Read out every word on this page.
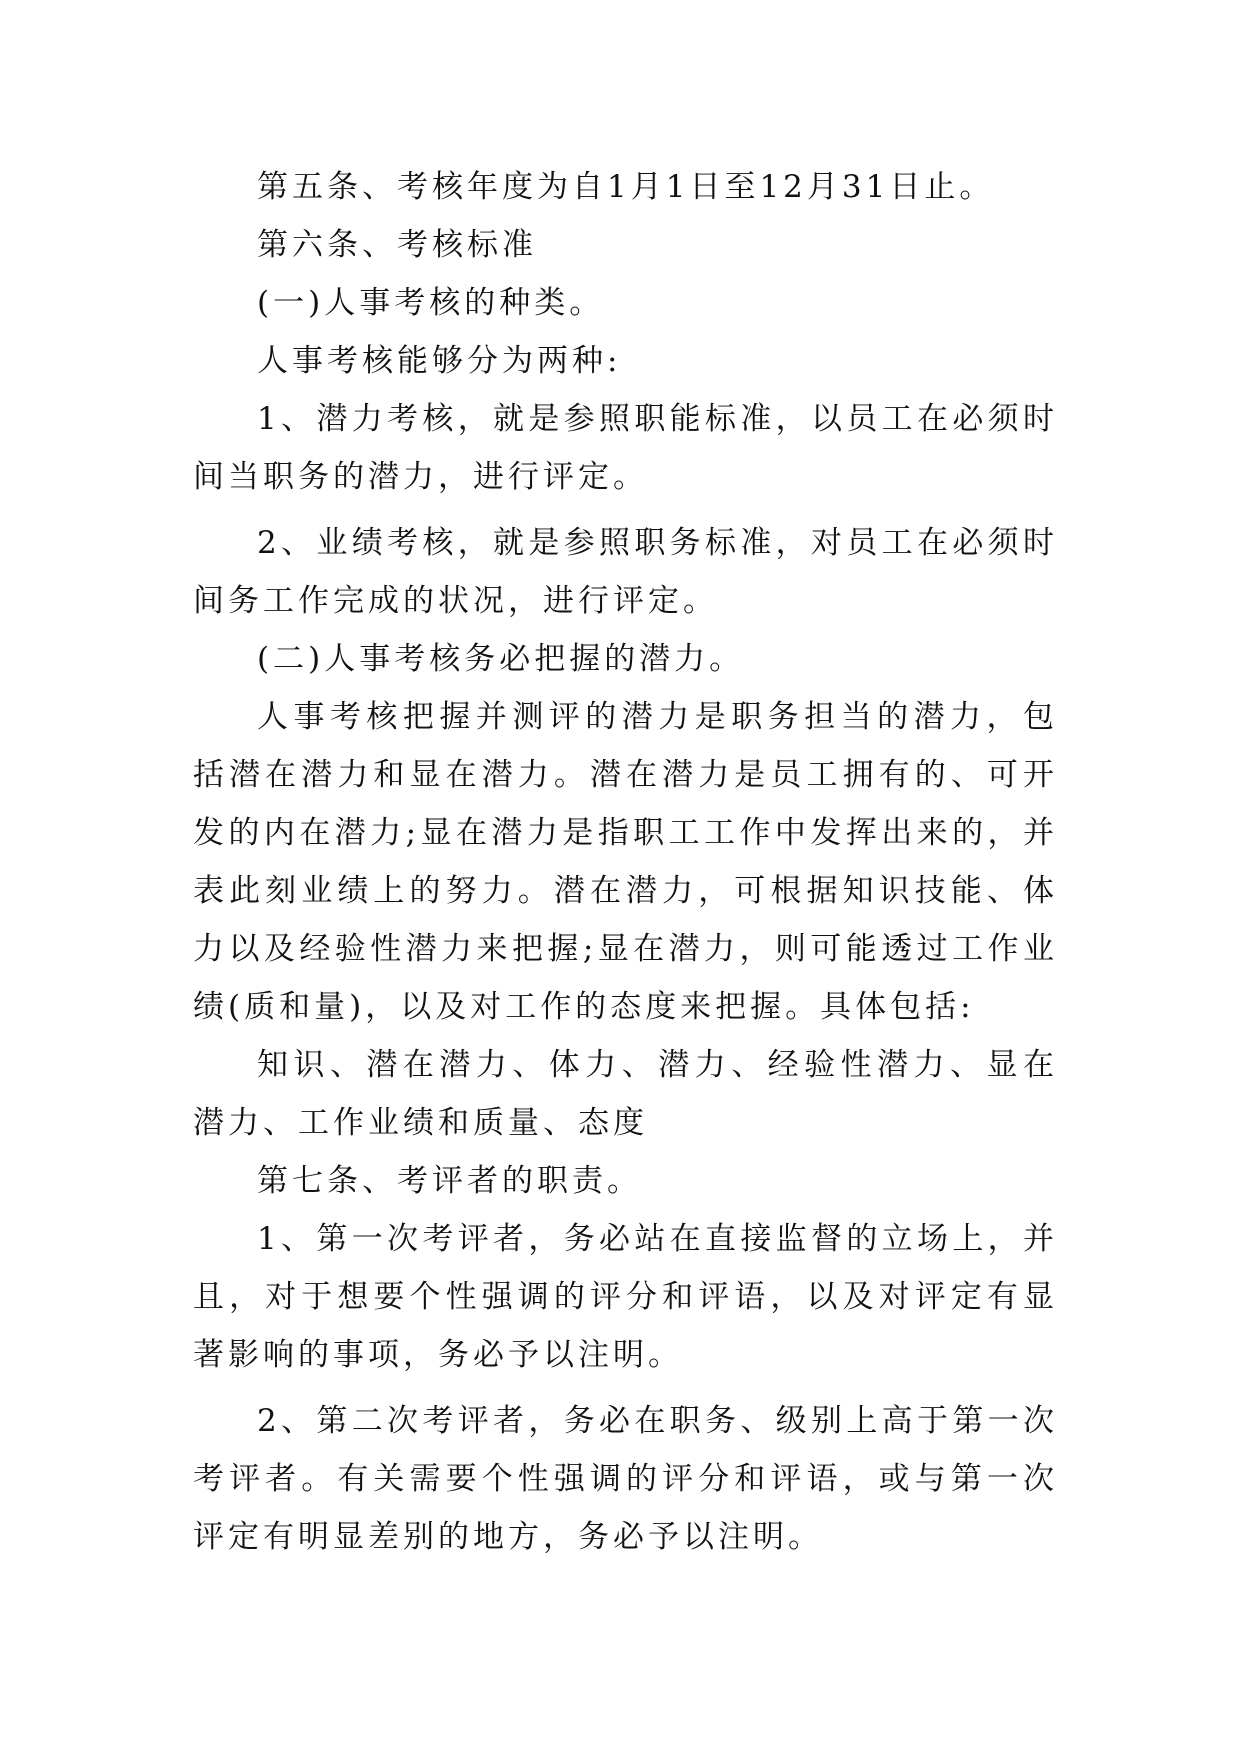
第五条、考核年度为自1月1日至12月31日止。

第六条、考核标准

(一)人事考核的种类。

人事考核能够分为两种:

1、潜力考核，就是参照职能标准，以员工在必须时间当职务的潜力，进行评定。

2、业绩考核，就是参照职务标准，对员工在必须时间务工作完成的状况，进行评定。

(二)人事考核务必把握的潜力。

人事考核把握并测评的潜力是职务担当的潜力，包括潜在潜力和显在潜力。潜在潜力是员工拥有的、可开发的内在潜力;显在潜力是指职工工作中发挥出来的，并表此刻业绩上的努力。潜在潜力，可根据知识技能、体力以及经验性潜力来把握;显在潜力，则可能透过工作业绩(质和量)，以及对工作的态度来把握。具体包括:

知识、潜在潜力、体力、潜力、经验性潜力、显在潜力、工作业绩和质量、态度

第七条、考评者的职责。

1、第一次考评者，务必站在直接监督的立场上，并且，对于想要个性强调的评分和评语，以及对评定有显著影响的事项，务必予以注明。

2、第二次考评者，务必在职务、级别上高于第一次考评者。有关需要个性强调的评分和评语，或与第一次评定有明显差别的地方，务必予以注明。
